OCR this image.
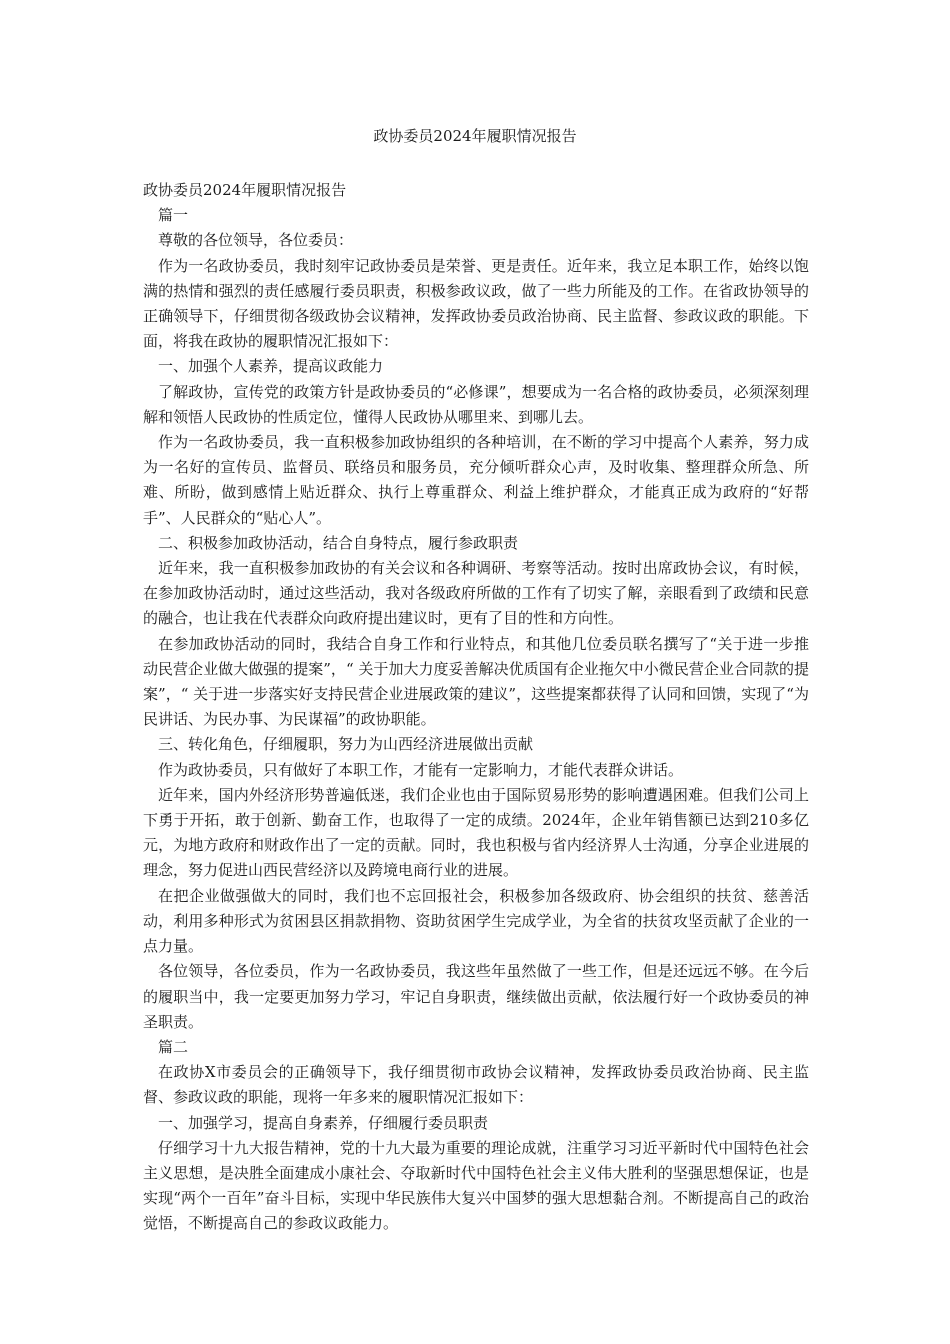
政协委员2024年履职情况报告

政协委员2024年履职情况报告

篇一

尊敬的各位领导，各位委员：

作为一名政协委员，我时刻牢记政协委员是荣誉、更是责任。近年来，我立足本职工作，始终以饱满的热情和强烈的责任感履行委员职责，积极参政议政，做了一些力所能及的工作。在省政协领导的正确领导下，仔细贯彻各级政协会议精神，发挥政协委员政治协商、民主监督、参政议政的职能。下面，将我在政协的履职情况汇报如下：

一、加强个人素养，提高议政能力

了解政协，宣传党的政策方针是政协委员的“必修课”，想要成为一名合格的政协委员，必须深刻理解和领悟人民政协的性质定位，懂得人民政协从哪里来、到哪儿去。

作为一名政协委员，我一直积极参加政协组织的各种培训，在不断的学习中提高个人素养，努力成为一名好的宣传员、监督员、联络员和服务员，充分倾听群众心声，及时收集、整理群众所急、所难、所盼，做到感情上贴近群众、执行上尊重群众、利益上维护群众，才能真正成为政府的“好帮手”、人民群众的“贴心人”。

二、积极参加政协活动，结合自身特点，履行参政职责

近年来，我一直积极参加政协的有关会议和各种调研、考察等活动。按时出席政协会议，有时候，在参加政协活动时，通过这些活动，我对各级政府所做的工作有了切实了解，亲眼看到了政绩和民意的融合，也让我在代表群众向政府提出建议时，更有了目的性和方向性。

在参加政协活动的同时，我结合自身工作和行业特点，和其他几位委员联名撰写了“关于进一步推动民营企业做大做强的提案”，“ 关于加大力度妥善解决优质国有企业拖欠中小微民营企业合同款的提案”，“ 关于进一步落实好支持民营企业进展政策的建议”，这些提案都获得了认同和回馈，实现了“为民讲话、为民办事、为民谋福”的政协职能。

三、转化角色，仔细履职，努力为山西经济进展做出贡献

作为政协委员，只有做好了本职工作，才能有一定影响力，才能代表群众讲话。

近年来，国内外经济形势普遍低迷，我们企业也由于国际贸易形势的影响遭遇困难。但我们公司上下勇于开拓，敢于创新、勤奋工作，也取得了一定的成绩。2024年，企业年销售额已达到210多亿元，为地方政府和财政作出了一定的贡献。同时，我也积极与省内经济界人士沟通，分享企业进展的理念，努力促进山西民营经济以及跨境电商行业的进展。

在把企业做强做大的同时，我们也不忘回报社会，积极参加各级政府、协会组织的扶贫、慈善活动，利用多种形式为贫困县区捐款捐物、资助贫困学生完成学业，为全省的扶贫攻坚贡献了企业的一点力量。

各位领导，各位委员，作为一名政协委员，我这些年虽然做了一些工作，但是还远远不够。在今后的履职当中，我一定要更加努力学习，牢记自身职责，继续做出贡献，依法履行好一个政协委员的神圣职责。

篇二

在政协X市委员会的正确领导下，我仔细贯彻市政协会议精神，发挥政协委员政治协商、民主监督、参政议政的职能，现将一年多来的履职情况汇报如下：

一、加强学习，提高自身素养，仔细履行委员职责

仔细学习十九大报告精神，党的十九大最为重要的理论成就，注重学习习近平新时代中国特色社会主义思想，是决胜全面建成小康社会、夺取新时代中国特色社会主义伟大胜利的坚强思想保证，也是实现“两个一百年”奋斗目标，实现中华民族伟大复兴中国梦的强大思想黏合剂。不断提高自己的政治觉悟，不断提高自己的参政议政能力。
